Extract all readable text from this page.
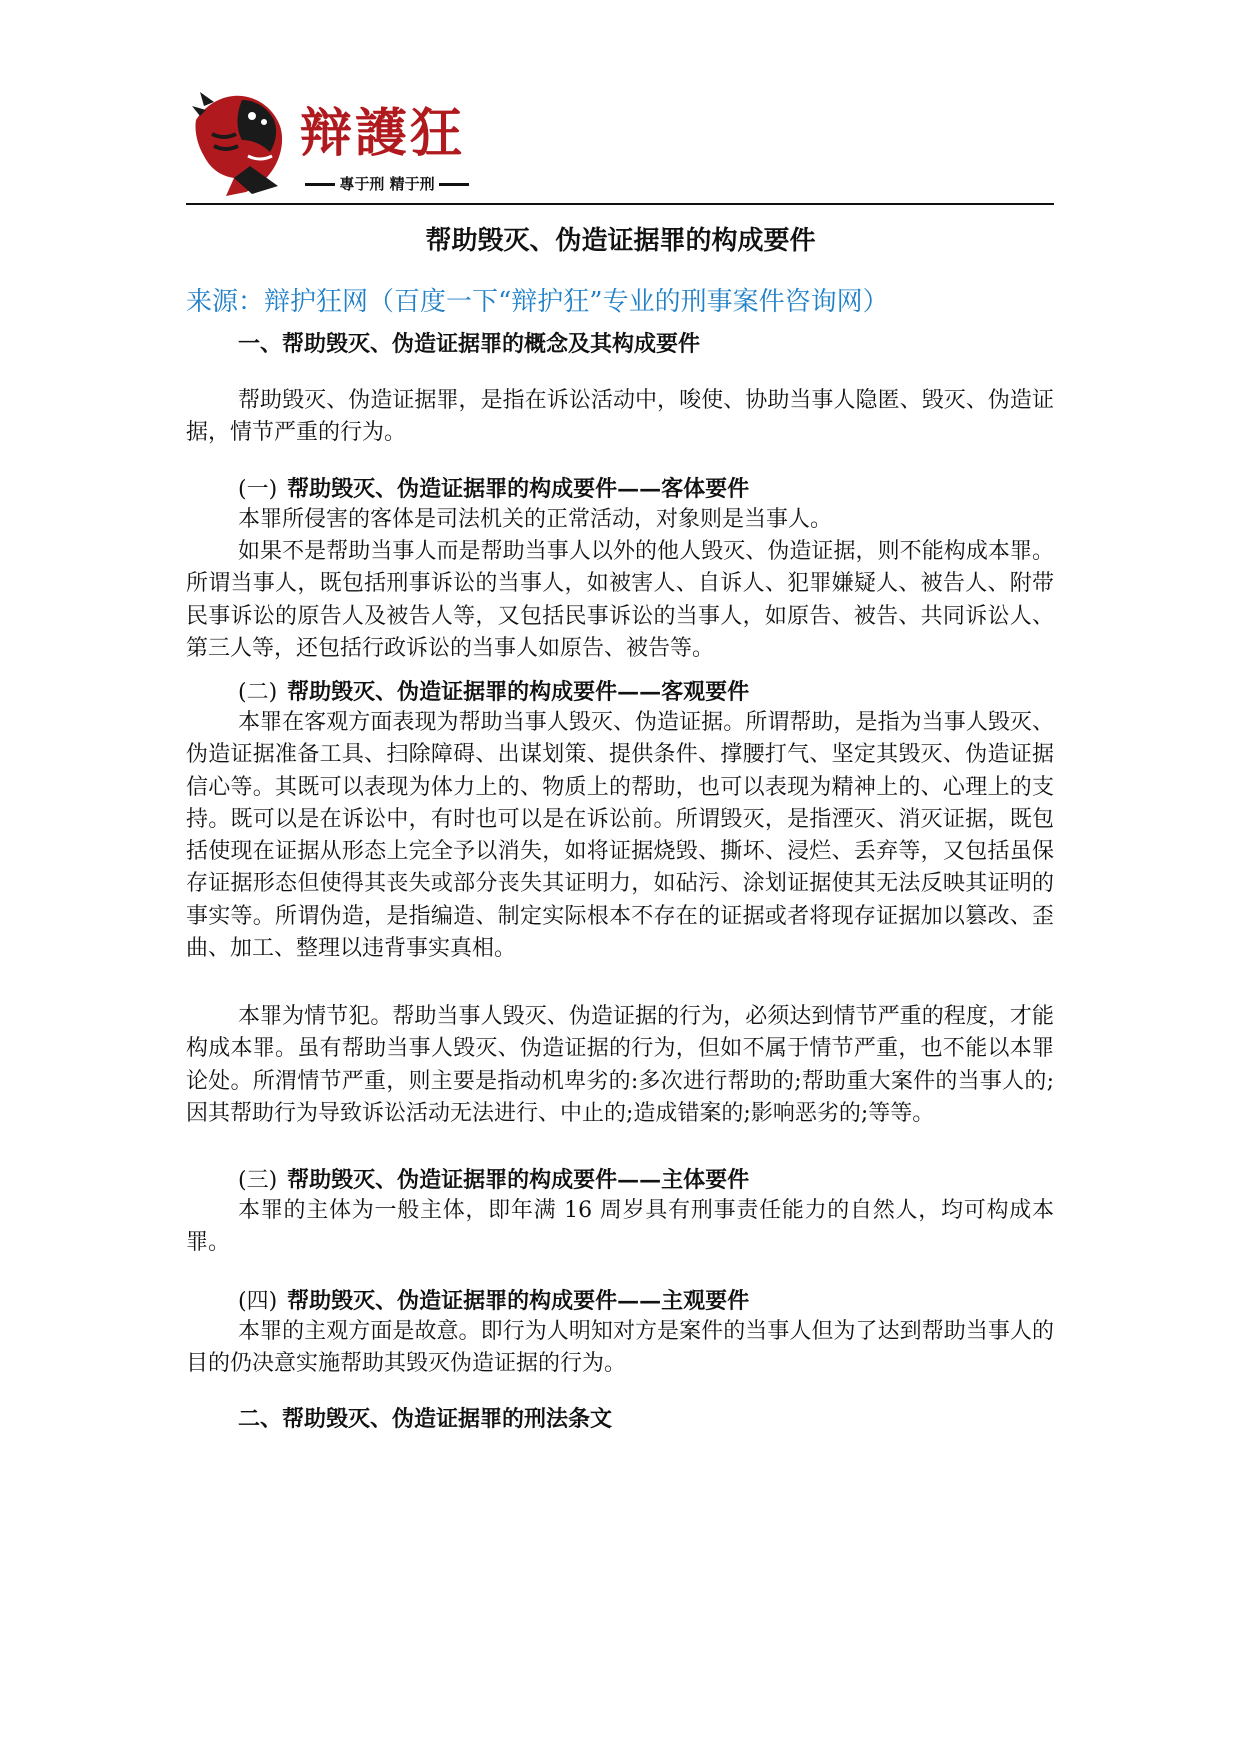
辩護狂
專于刑 精于刑
帮助毁灭、伪造证据罪的构成要件
来源：辩护狂网（百度一下“辩护狂”专业的刑事案件咨询网）
一、帮助毁灭、伪造证据罪的概念及其构成要件
帮助毁灭、伪造证据罪，是指在诉讼活动中，唆使、协助当事人隐匿、毁灭、伪造证据，情节严重的行为。
(一) 帮助毁灭、伪造证据罪的构成要件——客体要件
本罪所侵害的客体是司法机关的正常活动，对象则是当事人。
如果不是帮助当事人而是帮助当事人以外的他人毁灭、伪造证据，则不能构成本罪。所谓当事人，既包括刑事诉讼的当事人，如被害人、自诉人、犯罪嫌疑人、被告人、附带民事诉讼的原告人及被告人等，又包括民事诉讼的当事人，如原告、被告、共同诉讼人、第三人等，还包括行政诉讼的当事人如原告、被告等。
(二) 帮助毁灭、伪造证据罪的构成要件——客观要件
本罪在客观方面表现为帮助当事人毁灭、伪造证据。所谓帮助，是指为当事人毁灭、伪造证据准备工具、扫除障碍、出谋划策、提供条件、撑腰打气、坚定其毁灭、伪造证据信心等。其既可以表现为体力上的、物质上的帮助，也可以表现为精神上的、心理上的支持。既可以是在诉讼中，有时也可以是在诉讼前。所谓毁灭，是指湮灭、消灭证据，既包括使现在证据从形态上完全予以消失，如将证据烧毁、撕坏、浸烂、丢弃等，又包括虽保存证据形态但使得其丧失或部分丧失其证明力，如砧污、涂划证据使其无法反映其证明的事实等。所谓伪造，是指编造、制定实际根本不存在的证据或者将现存证据加以篡改、歪曲、加工、整理以违背事实真相。
本罪为情节犯。帮助当事人毁灭、伪造证据的行为，必须达到情节严重的程度，才能构成本罪。虽有帮助当事人毁灭、伪造证据的行为，但如不属于情节严重，也不能以本罪论处。所渭情节严重，则主要是指动机卑劣的:多次进行帮助的;帮助重大案件的当事人的;因其帮助行为导致诉讼活动无法进行、中止的;造成错案的;影响恶劣的;等等。
(三) 帮助毁灭、伪造证据罪的构成要件——主体要件
本罪的主体为一般主体，即年满 16 周岁具有刑事责任能力的自然人，均可构成本罪。
(四) 帮助毁灭、伪造证据罪的构成要件——主观要件
本罪的主观方面是故意。即行为人明知对方是案件的当事人但为了达到帮助当事人的目的仍决意实施帮助其毁灭伪造证据的行为。
二、帮助毁灭、伪造证据罪的刑法条文
